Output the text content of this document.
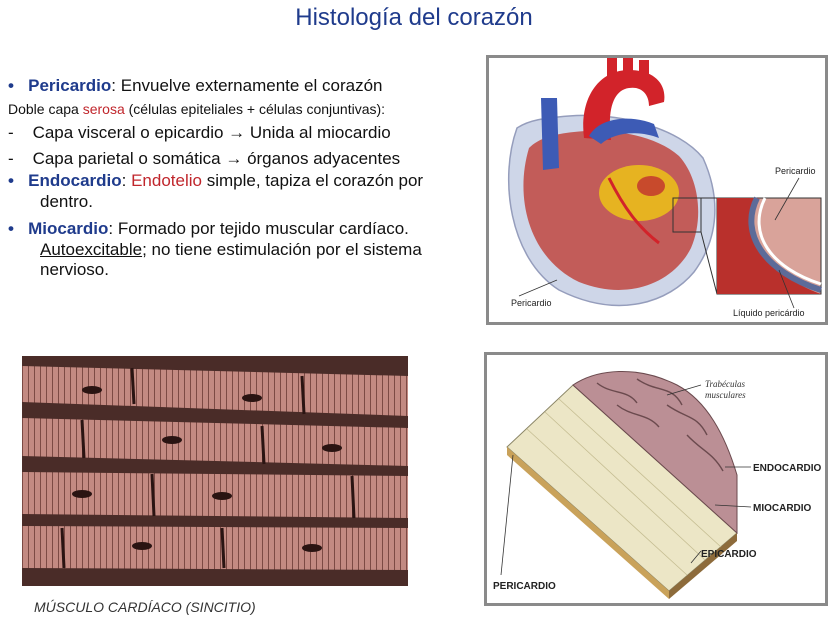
Histología del corazón
• Pericardio: Envuelve externamente el corazón
Doble capa serosa (células epiteliales + células conjuntivas):
- Capa visceral o epicardio → Unida al miocardio
- Capa parietal o somática → órganos adyacentes
• Endocardio: Endotelio simple, tapiza el corazón por
dentro.
• Miocardio: Formado por tejido muscular cardíaco.
Autoexcitable; no tiene estimulación por el sistema
nervioso.
Pericardio
Líquido pericárdio
Pericardio
MÚSCULO CARDÍACO (SINCITIO)
Trabéculas
musculares
ENDOCARDIO
MIOCARDIO
EPICARDIO
PERICARDIO
